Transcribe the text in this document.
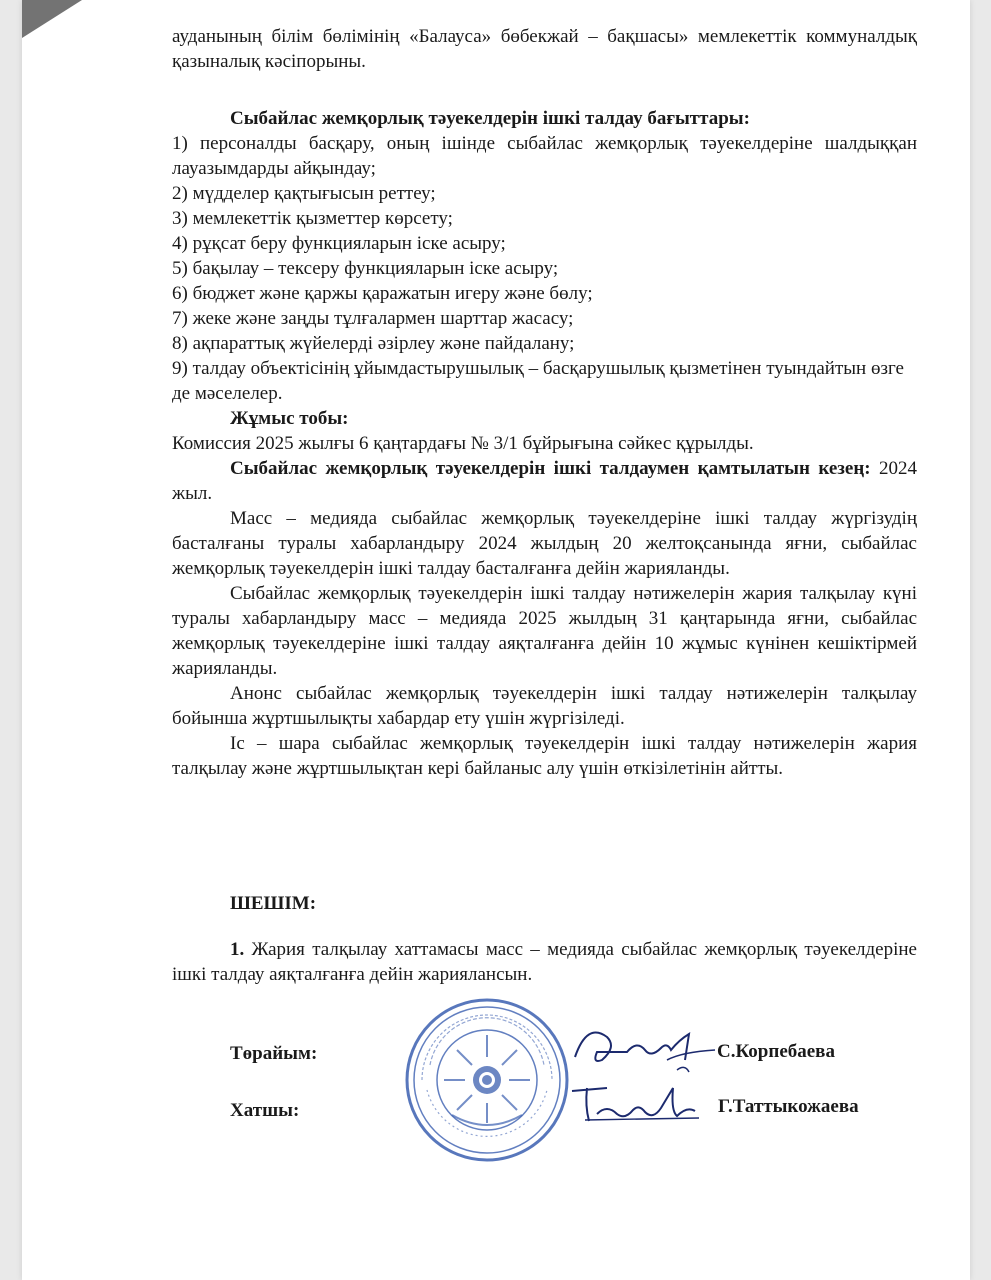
ауданының білім бөлімінің «Балауса» бөбекжай – бақшасы» мемлекеттік коммуналдық қазыналық кәсіпорыны.

Сыбайлас жемқорлық тәуекелдерін ішкі талдау бағыттары:

1) персоналды басқару, оның ішінде сыбайлас жемқорлық тәуекелдеріне шалдыққан лауазымдарды айқындау;

2) мүдделер қақтығысын реттеу;

3) мемлекеттік қызметтер көрсету;

4) рұқсат беру функцияларын іске асыру;

5) бақылау – тексеру функцияларын іске асыру;

6) бюджет және қаржы қаражатын игеру және бөлу;

7) жеке және заңды тұлғалармен шарттар жасасу;

8) ақпараттық жүйелерді әзірлеу және пайдалану;

9) талдау объектісінің ұйымдастырушылық – басқарушылық қызметінен туындайтын өзге де мәселелер.

Жұмыс тобы:

Комиссия 2025 жылғы 6 қаңтардағы № 3/1 бұйрығына сәйкес құрылды.

Сыбайлас жемқорлық тәуекелдерін ішкі талдаумен қамтылатын кезең: 2024 жыл.

Масс – медияда сыбайлас жемқорлық тәуекелдеріне ішкі талдау жүргізудің басталғаны туралы хабарландыру 2024 жылдың 20 желтоқсанында яғни, сыбайлас жемқорлық тәуекелдерін ішкі талдау басталғанға дейін жарияланды.

Сыбайлас жемқорлық тәуекелдерін ішкі талдау нәтижелерін жария талқылау күні туралы хабарландыру масс – медияда 2025 жылдың 31 қаңтарында яғни, сыбайлас жемқорлық тәуекелдеріне ішкі талдау аяқталғанға дейін 10 жұмыс күнінен кешіктірмей жарияланды.

Анонс сыбайлас жемқорлық тәуекелдерін ішкі талдау нәтижелерін талқылау бойынша жұртшылықты хабардар ету үшін жүргізіледі.

Іс – шара сыбайлас жемқорлық тәуекелдерін ішкі талдау нәтижелерін жария талқылау және жұртшылықтан кері байланыс алу үшін өткізілетінін айтты.

ШЕШІМ:

1. Жария талқылау хаттамасы масс – медияда сыбайлас жемқорлық тәуекелдеріне ішкі талдау аяқталғанға дейін жариялансын.

Төрайым:	С.Корпебаева
Хатшы:	Г.Таттыкожаева
